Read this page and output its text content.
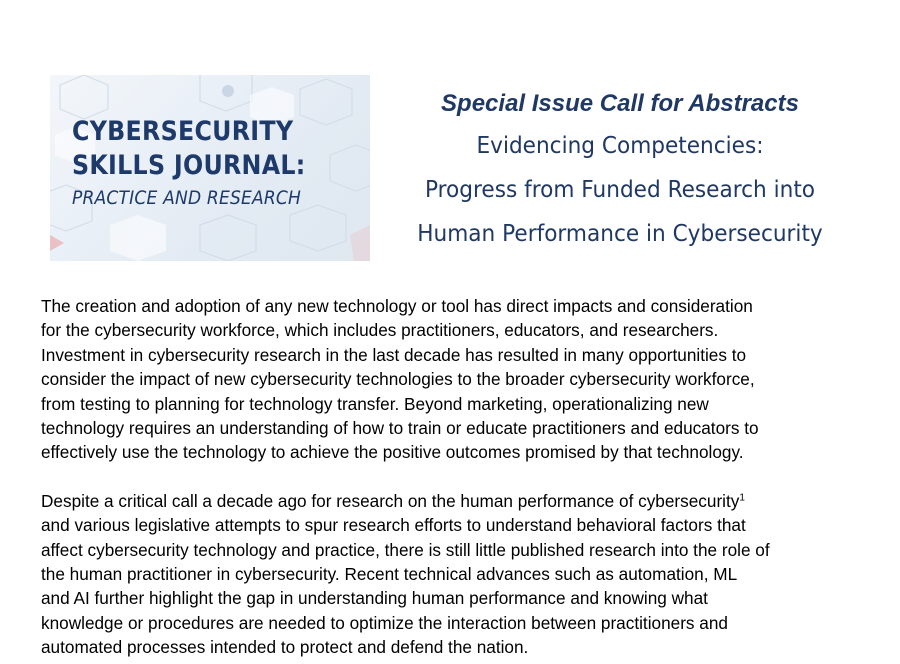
CYBERSECURITY
SKILLS JOURNAL:
PRACTICE AND RESEARCH

Special Issue Call for Abstracts

Evidencing Competencies:

Progress from Funded Research into

Human Performance in Cybersecurity

The creation and adoption of any new technology or tool has direct impacts and consideration
for the cybersecurity workforce, which includes practitioners, educators, and researchers.
Investment in cybersecurity research in the last decade has resulted in many opportunities to
consider the impact of new cybersecurity technologies to the broader cybersecurity workforce,
from testing to planning for technology transfer. Beyond marketing, operationalizing new
technology requires an understanding of how to train or educate practitioners and educators to
effectively use the technology to achieve the positive outcomes promised by that technology.

Despite a critical call a decade ago for research on the human performance of cybersecurity$^1$
and various legislative attempts to spur research efforts to understand behavioral factors that
affect cybersecurity technology and practice, there is still little published research into the role of
the human practitioner in cybersecurity. Recent technical advances such as automation, ML
and AI further highlight the gap in understanding human performance and knowing what
knowledge or procedures are needed to optimize the interaction between practitioners and
automated processes intended to protect and defend the nation.
